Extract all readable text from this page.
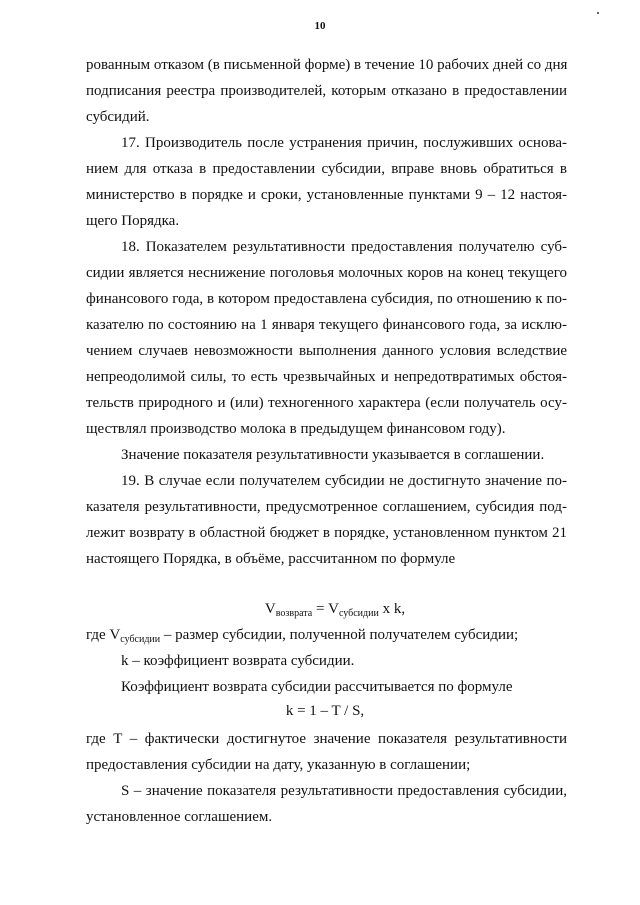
10
рованным отказом (в письменной форме) в течение 10 рабочих дней со дня
подписания реестра производителей, которым отказано в предоставлении
субсидий.
17. Производитель после устранения причин, послуживших основа-
нием для отказа в предоставлении субсидии, вправе вновь обратиться в
министерство в порядке и сроки, установленные пунктами 9 – 12 настоя-
щего Порядка.
18. Показателем результативности предоставления получателю суб-
сидии является неснижение поголовья молочных коров на конец текущего
финансового года, в котором предоставлена субсидия, по отношению к по-
казателю по состоянию на 1 января текущего финансового года, за исклю-
чением случаев невозможности выполнения данного условия вследствие
непреодолимой силы, то есть чрезвычайных и непредотвратимых обстоя-
тельств природного и (или) техногенного характера (если получатель осу-
ществлял производство молока в предыдущем финансовом году).
Значение показателя результативности указывается в соглашении.
19. В случае если получателем субсидии не достигнуто значение по-
казателя результативности, предусмотренное соглашением, субсидия под-
лежит возврату в областной бюджет в порядке, установленном пунктом 21
настоящего Порядка, в объёме, рассчитанном по формуле
$V_{возврата} = V_{субсидии}$ x k,
где $V_{субсидии}$ – размер субсидии, полученной получателем субсидии;
k – коэффициент возврата субсидии.
Коэффициент возврата субсидии рассчитывается по формуле
k = 1 – T / S,
где T – фактически достигнутое значение показателя результативности
предоставления субсидии на дату, указанную в соглашении;
S – значение показателя результативности предоставления субсидии,
установленное соглашением.
